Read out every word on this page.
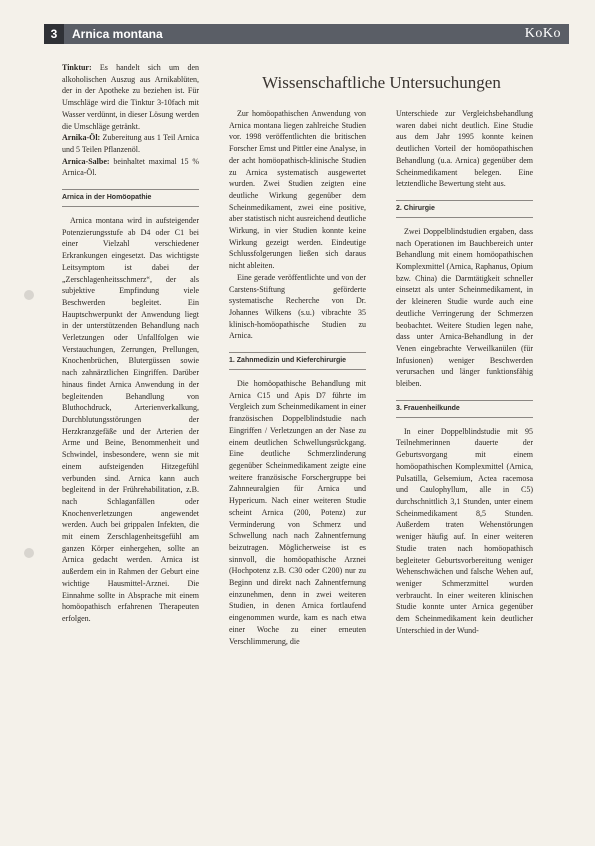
3	Arnica montana	KoKo
Wissenschaftliche Untersuchungen

Tinktur: Es handelt sich um den alkoholischen Auszug aus Arnikablüten, der in der Apotheke zu beziehen ist. Für Umschläge wird die Tinktur 3-10fach mit Wasser verdünnt, in dieser Lösung werden die Umschläge getränkt.

Arnika-Öl: Zubereitung aus 1 Teil Arnica und 5 Teilen Pflanzenöl.

Arnica-Salbe: beinhaltet maximal 15 % Arnica-Öl.

Arnica in der Homöopathie

Arnica montana wird in aufsteigender Potenzierungsstufe ab D4 oder C1 bei einer Vielzahl verschiedener Erkrankungen eingesetzt. Das wichtigste Leitsymptom ist dabei der „Zerschlagenheitsschmerz“, der als subjektive Empfindung viele Beschwerden begleitet. Ein Hauptschwerpunkt der Anwendung liegt in der unterstützenden Behandlung nach Verletzungen oder Unfallfolgen wie Verstauchungen, Zerrungen, Prellungen, Knochenbrüchen, Blutergüssen sowie nach zahnärztlichen Eingriffen. Darüber hinaus findet Arnica Anwendung in der begleitenden Behandlung von Bluthochdruck, Arterienverkalkung, Durchblutungsstörungen der Herzkranzgefäße und der Arterien der Arme und Beine, Benommenheit und Schwindel, insbesondere, wenn sie mit einem aufsteigenden Hitzegefühl verbunden sind. Arnica kann auch begleitend in der Frührehabilitation, z.B. nach Schlaganfällen oder Knochenverletzungen angewendet werden. Auch bei grippalen Infekten, die mit einem Zerschlagenheitsgefühl am ganzen Körper einhergehen, sollte an Arnica gedacht werden. Arnica ist außerdem ein in Rahmen der Geburt eine wichtige Hausmittel-Arznei. Die Einnahme sollte in Absprache mit einem homöopathisch erfahrenen Therapeuten erfolgen.

Zur homöopathischen Anwendung von Arnica montana liegen zahlreiche Studien vor. 1998 veröffentlichten die britischen Forscher Ernst und Pittler eine Analyse, in der acht homöopathisch-klinische Studien zu Arnica systematisch ausgewertet wurden. Zwei Studien zeigten eine deutliche Wirkung gegenüber dem Scheinmedikament, zwei eine positive, aber statistisch nicht ausreichend deutliche Wirkung, in vier Studien konnte keine Wirkung gezeigt werden. Eindeutige Schlussfolgerungen ließen sich daraus nicht ableiten.

Eine gerade veröffentlichte und von der Carstens-Stiftung geförderte systematische Recherche von Dr. Johannes Wilkens (s.u.) vibrachte 35 klinisch-homöopathische Studien zu Arnica.

1. Zahnmedizin und Kieferchirurgie

Die homöopathische Behandlung mit Arnica C15 und Apis D7 führte im Vergleich zum Scheinmedikament in einer französischen Doppelblindstudie nach Eingriffen / Verletzungen an der Nase zu einem deutlichen Schwellungsrückgang. Eine deutliche Schmerzlinderung gegenüber Scheinmedikament zeigte eine weitere französische Forschergruppe bei Zahnneuralgien für Arnica und Hypericum. Nach einer weiteren Studie scheint Arnica (200, Potenz) zur Verminderung von Schmerz und Schwellung nach nach Zahnentfernung beizutragen. Möglicherweise ist es sinnvoll, die homöopathische Arznei (Hochpotenz z.B. C30 oder C200) nur zu Beginn und direkt nach Zahnentfernung einzunehmen, denn in zwei weiteren Studien, in denen Arnica fortlaufend eingenommen wurde, kam es nach etwa einer Woche zu einer erneuten Verschlimmerung, die

Unterschiede zur Vergleichsbehandlung waren dabei nicht deutlich. Eine Studie aus dem Jahr 1995 konnte keinen deutlichen Vorteil der homöopathischen Behandlung (u.a. Arnica) gegenüber dem Scheinmedikament belegen. Eine letztendliche Bewertung steht aus.

2. Chirurgie

Zwei Doppelblindstudien ergaben, dass nach Operationen im Bauchbereich unter Behandlung mit einem homöopathischen Komplexmittel (Arnica, Raphanus, Opium bzw. China) die Darmtätigkeit schneller einsetzt als unter Scheinmedikament, in der kleineren Studie wurde auch eine deutliche Verringerung der Schmerzen beobachtet. Weitere Studien legen nahe, dass unter Arnica-Behandlung in der Venen eingebrachte Verweilkanülen (für Infusionen) weniger Beschwerden verursachen und länger funktionsfähig bleiben.

3. Frauenheilkunde

In einer Doppelblindstudie mit 95 Teilnehmerinnen dauerte der Geburtsvorgang mit einem homöopathischen Komplexmittel (Arnica, Pulsatilla, Gelsemium, Actea racemosa und Caulophyllum, alle in C5) durchschnittlich 3,1 Stunden, unter einem Scheinmedikament 8,5 Stunden. Außerdem traten Wehenstörungen weniger häufig auf. In einer weiteren Studie traten nach homöopathisch begleiteter Geburtsvorbereitung weniger Wehenschwächen und falsche Wehen auf, weniger Schmerzmittel wurden verbraucht. In einer weiteren klinischen Studie konnte unter Arnica gegenüber dem Scheinmedikament kein deutlicher Unterschied in der Wund-
